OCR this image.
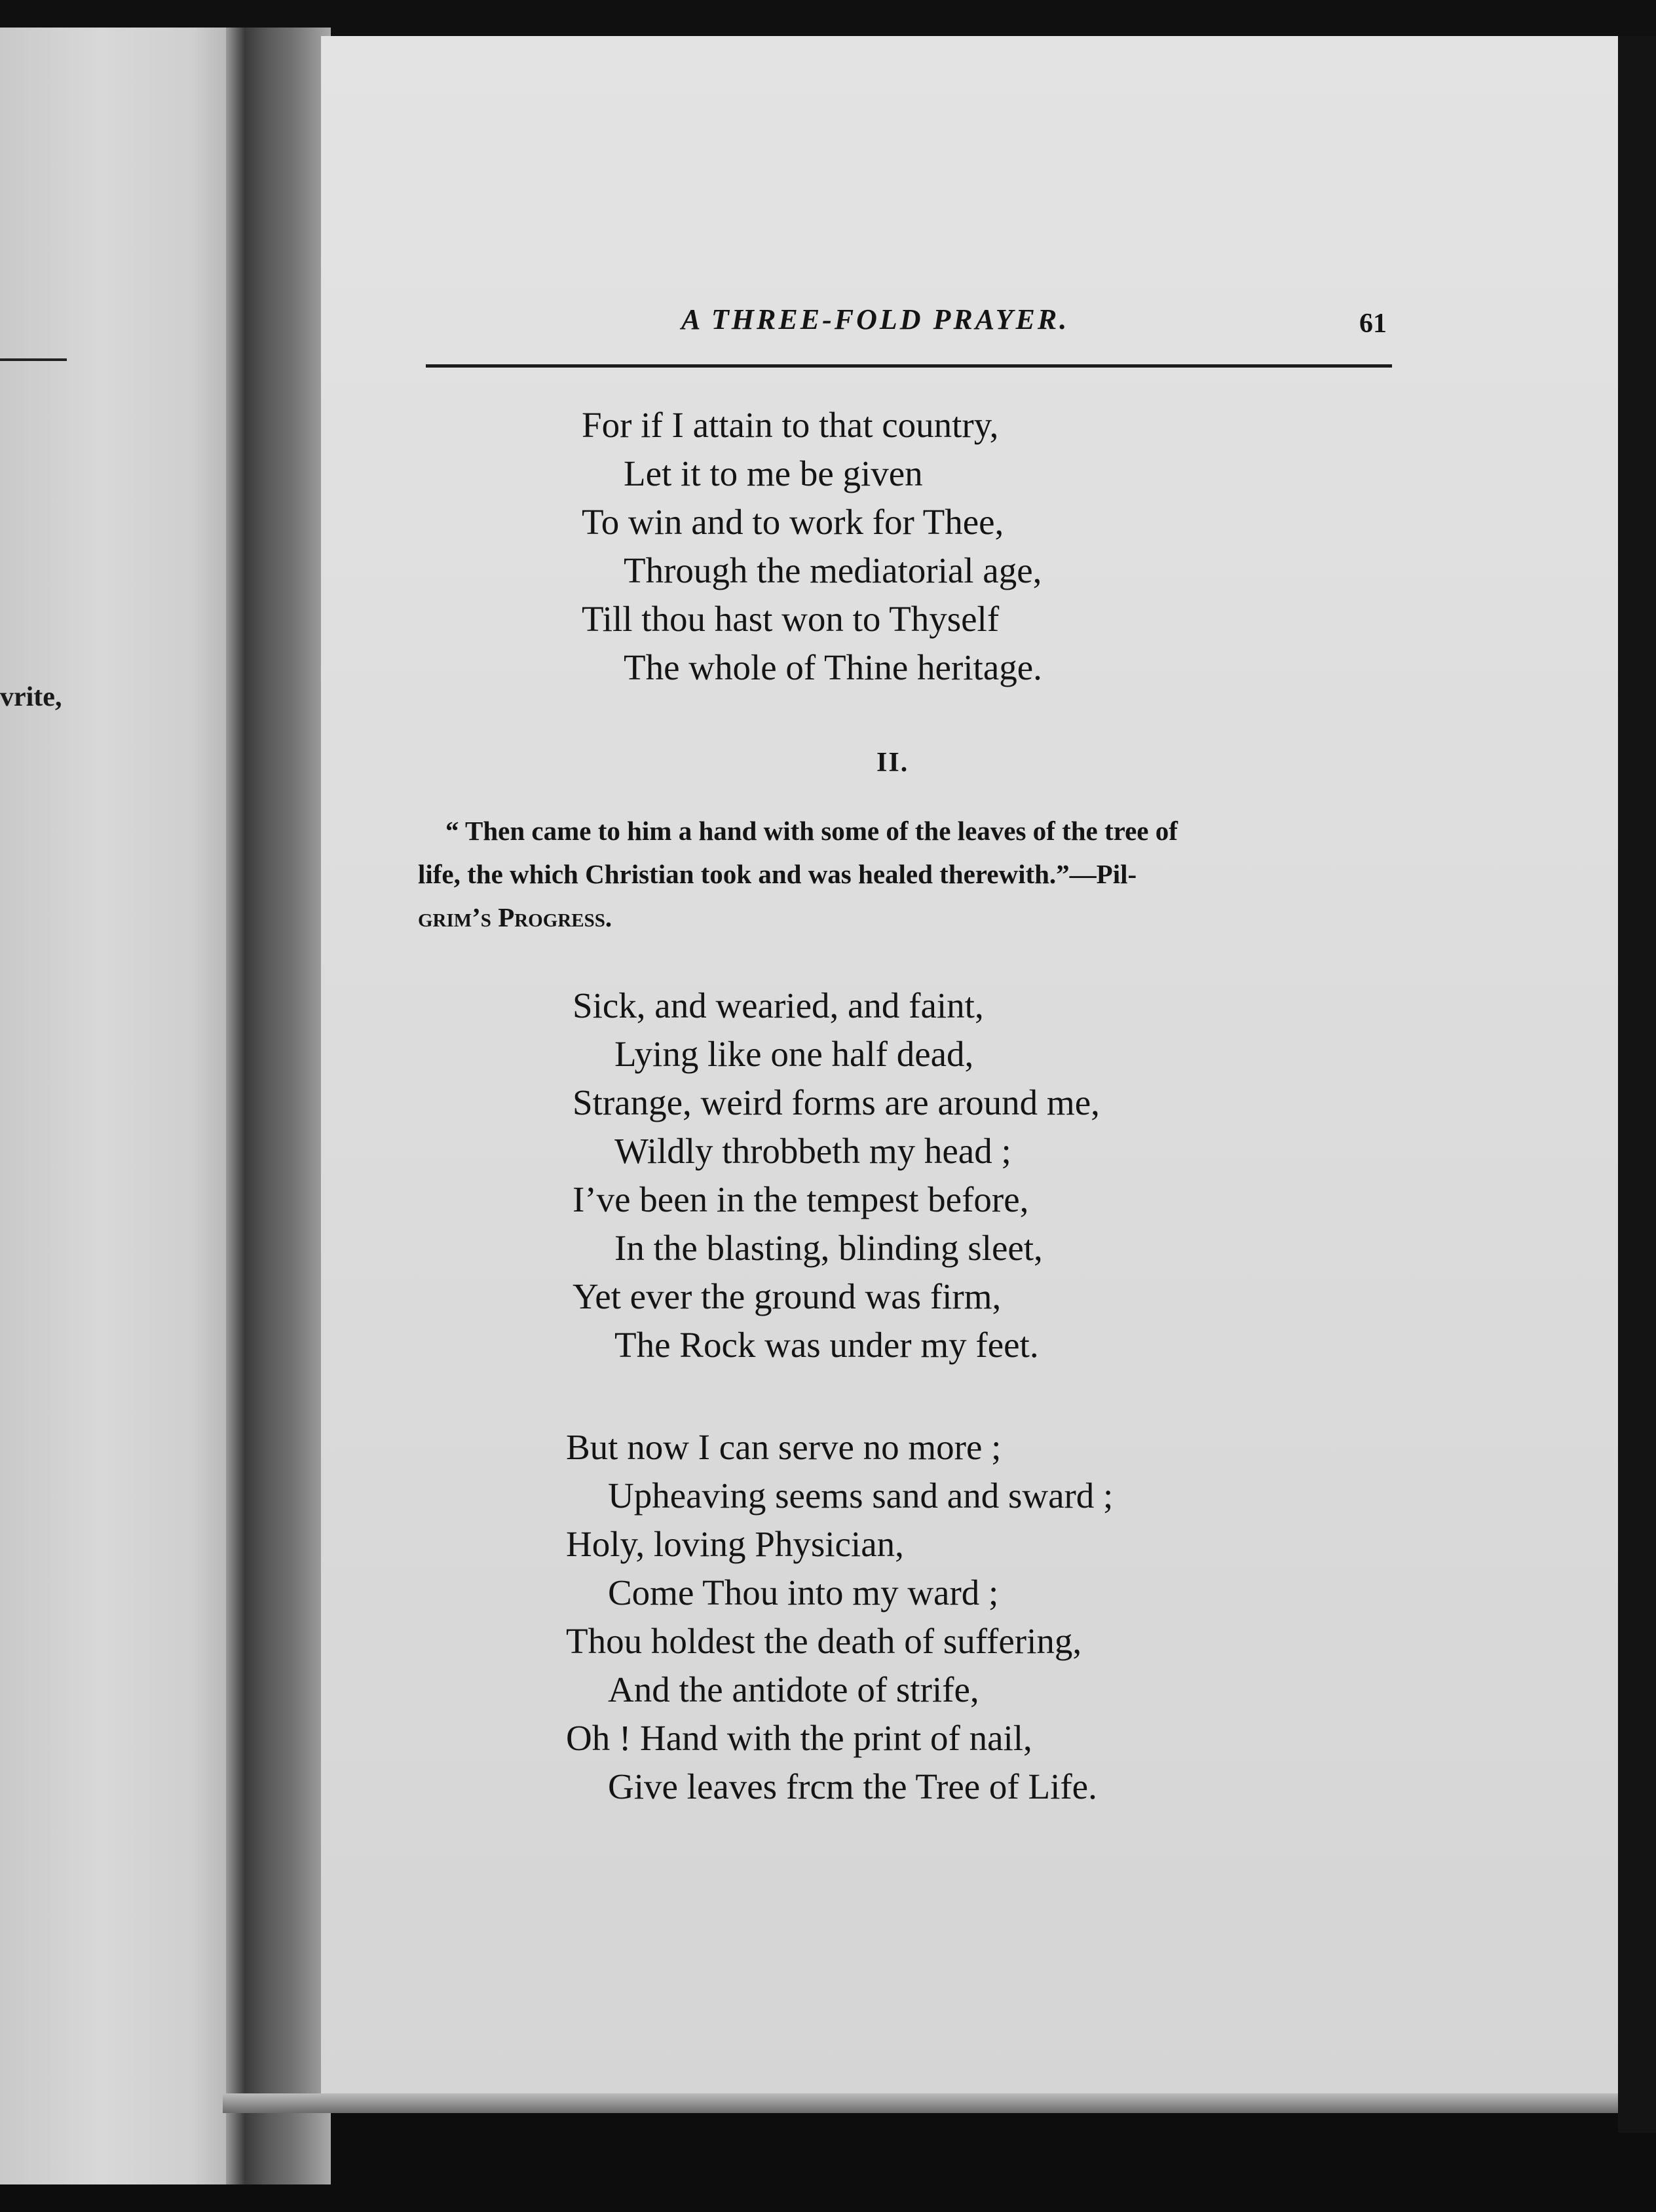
vrite,
A THREE-FOLD PRAYER.	61
For if I attain to that country,
Let it to me be given
To win and to work for Thee,
Through the mediatorial age,
Till thou hast won to Thyself
The whole of Thine heritage.
II.

“ Then came to him a hand with some of the leaves of the tree of

life, the which Christian took and was healed therewith.”—Pil-

grim’s Progress.

Sick, and wearied, and faint,
Lying like one half dead,
Strange, weird forms are around me,
Wildly throbbeth my head ;
I’ve been in the tempest before,
In the blasting, blinding sleet,
Yet ever the ground was firm,
The Rock was under my feet.
But now I can serve no more ;
Upheaving seems sand and sward ;
Holy, loving Physician,
Come Thou into my ward ;
Thou holdest the death of suffering,
And the antidote of strife,
Oh ! Hand with the print of nail,
Give leaves frcm the Tree of Life.
